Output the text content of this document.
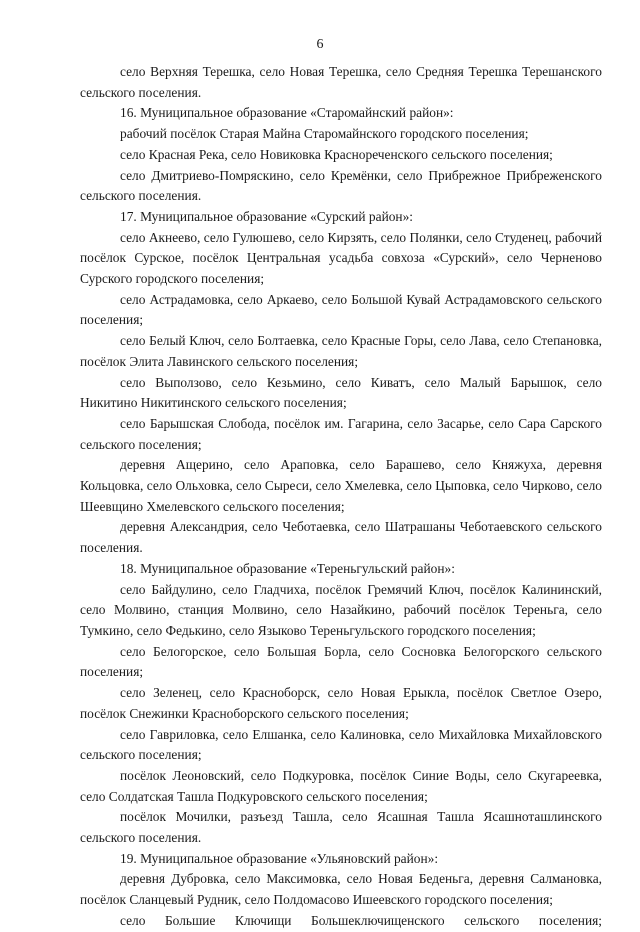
6

село Верхняя Терешка, село Новая Терешка, село Средняя Терешка Терешанского сельского поселения.

16. Муниципальное образование «Старомайнский район»:

рабочий посёлок Старая Майна Старомайнского городского поселения;

село Красная Река, село Новиковка Краснореченского сельского поселения;

село Дмитриево-Помряскино, село Кремёнки, село Прибрежное Прибреженского сельского поселения.

17. Муниципальное образование «Сурский район»:

село Акнеево, село Гулюшево, село Кирзять, село Полянки, село Студенец, рабочий посёлок Сурское, посёлок Центральная усадьба совхоза «Сурский», село Черненово Сурского городского поселения;

село Астрадамовка, село Аркаево, село Большой Кувай Астрадамовского сельского поселения;

село Белый Ключ, село Болтаевка, село Красные Горы, село Лава, село Степановка, посёлок Элита Лавинского сельского поселения;

село Выползово, село Кезьмино, село Киватъ, село Малый Барышок, село Никитино Никитинского сельского поселения;

село Барышская Слобода, посёлок им. Гагарина, село Засарье, село Сара Сарского сельского поселения;

деревня Ащерино, село Араповка, село Барашево, село Княжуха, деревня Кольцовка, село Ольховка, село Сыреси, село Хмелевка, село Цыповка, село Чирково, село Шеевщино Хмелевского сельского поселения;

деревня Александрия, село Чеботаевка, село Шатрашаны Чеботаевского сельского поселения.

18. Муниципальное образование «Тереньгульский район»:

село Байдулино, село Гладчиха, посёлок Гремячий Ключ, посёлок Калининский, село Молвино, станция Молвино, село Назайкино, рабочий посёлок Тереньга, село Тумкино, село Федькино, село Языково Тереньгульского городского поселения;

село Белогорское, село Большая Борла, село Сосновка Белогорского сельского поселения;

село Зеленец, село Красноборск, село Новая Ерыкла, посёлок Светлое Озеро, посёлок Снежинки Красноборского сельского поселения;

село Гавриловка, село Елшанка, село Калиновка, село Михайловка Михайловского сельского поселения;

посёлок Леоновский, село Подкуровка, посёлок Синие Воды, село Скугареевка, село Солдатская Ташла Подкуровского сельского поселения;

посёлок Мочилки, разъезд Ташла, село Ясашная Ташла Ясашноташлинского сельского поселения.

19. Муниципальное образование «Ульяновский район»:

деревня Дубровка, село Максимовка, село Новая Беденьга, деревня Салмановка, посёлок Сланцевый Рудник, село Полдомасово Ишеевского городского поселения;

село Большие Ключищи Большеключищенского сельского поселения;
